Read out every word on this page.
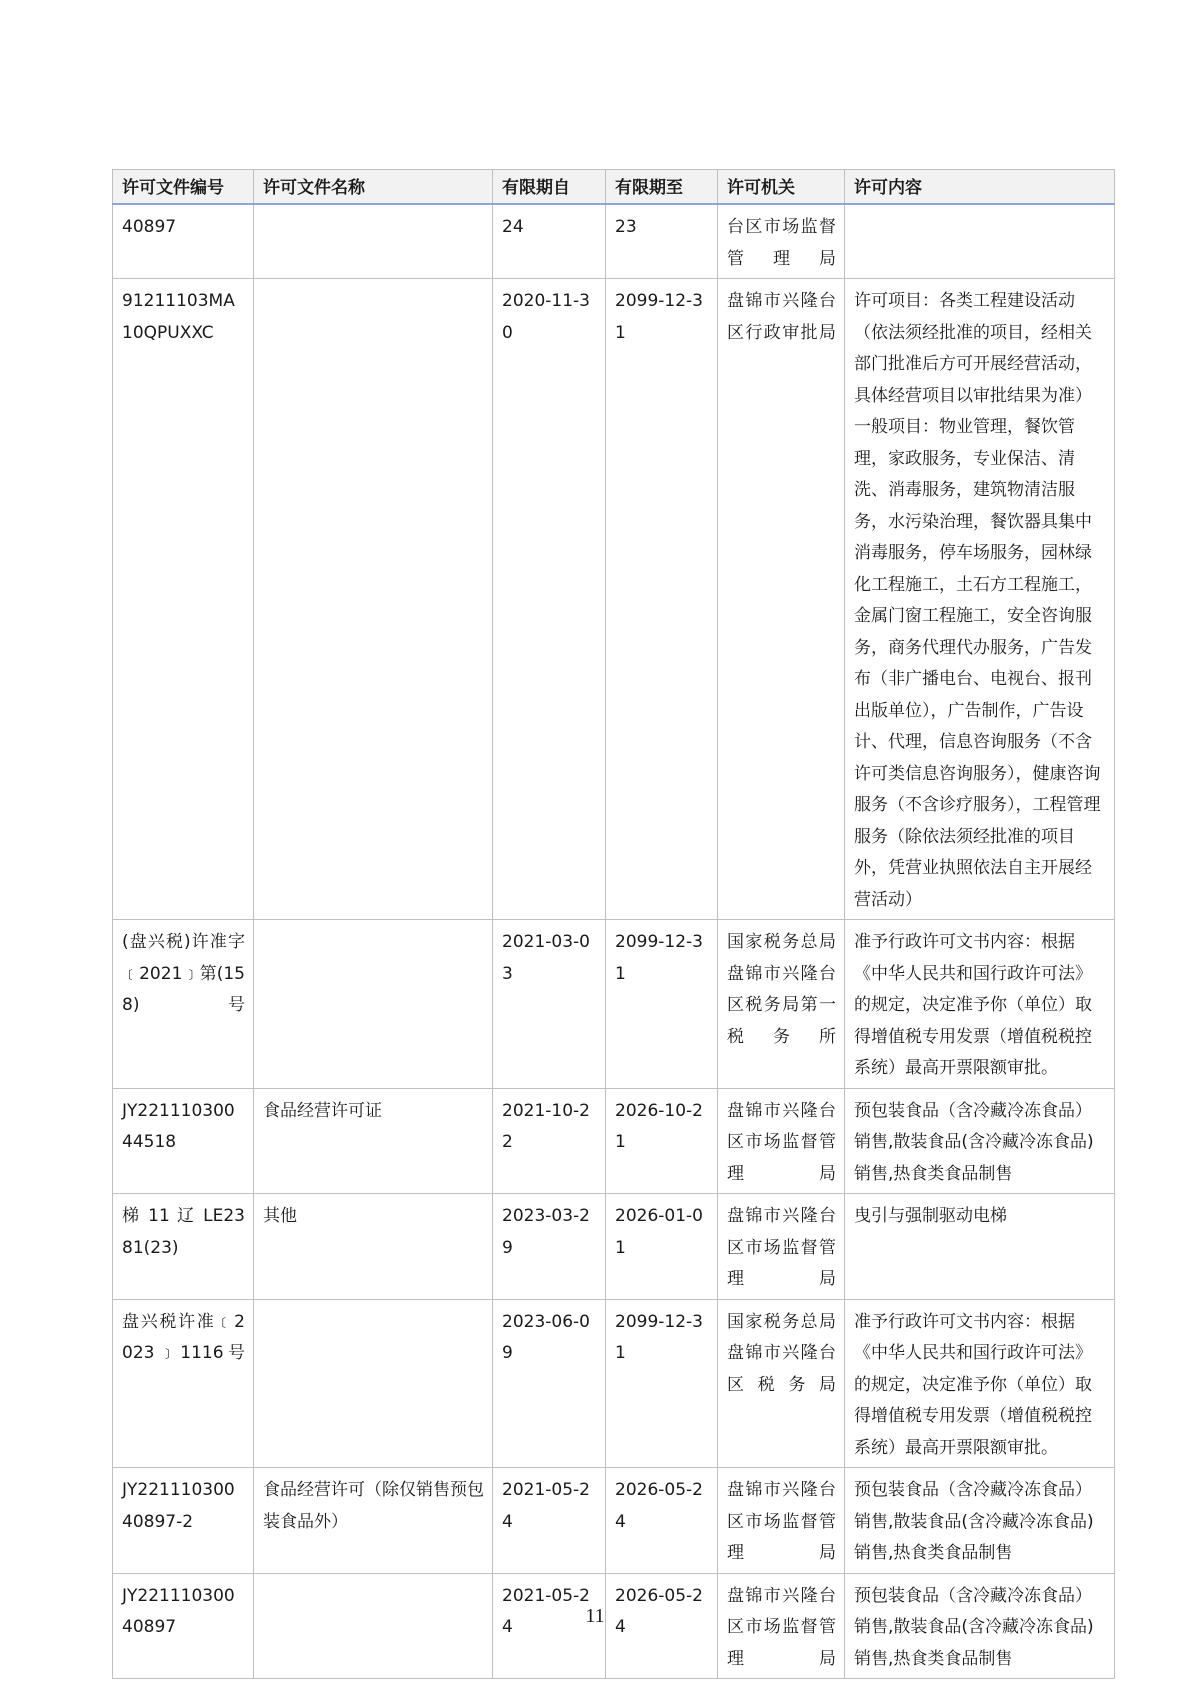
许可文件编号	许可文件名称	有限期自	有限期至	许可机关	许可内容
40897		24	23	台区市场监督管理局	
91211103MA10QPUXXC		2020-11-30	2099-12-31	盘锦市兴隆台区行政审批局	许可项目：各类工程建设活动（依法须经批准的项目，经相关部门批准后方可开展经营活动，具体经营项目以审批结果为准）一般项目：物业管理，餐饮管理，家政服务，专业保洁、清洗、消毒服务，建筑物清洁服务，水污染治理，餐饮器具集中消毒服务，停车场服务，园林绿化工程施工，土石方工程施工，金属门窗工程施工，安全咨询服务，商务代理代办服务，广告发布（非广播电台、电视台、报刊出版单位），广告制作，广告设计、代理，信息咨询服务（不含许可类信息咨询服务），健康咨询服务（不含诊疗服务），工程管理服务（除依法须经批准的项目外，凭营业执照依法自主开展经营活动）
(盘兴税)许准字﹝2021﹞第(158)号		2021-03-03	2099-12-31	国家税务总局盘锦市兴隆台区税务局第一税务所	准予行政许可文书内容：根据《中华人民共和国行政许可法》的规定，决定准予你（单位）取得增值税专用发票（增值税税控系统）最高开票限额审批。
JY22111030044518	食品经营许可证	2021-10-22	2026-10-21	盘锦市兴隆台区市场监督管理局	预包装食品（含冷藏冷冻食品）销售,散装食品(含冷藏冷冻食品)销售,热食类食品制售
梯 11 辽 LE2381(23)	其他	2023-03-29	2026-01-01	盘锦市兴隆台区市场监督管理局	曳引与强制驱动电梯
盘兴税许准﹝2023﹞1116号		2023-06-09	2099-12-31	国家税务总局盘锦市兴隆台区税务局	准予行政许可文书内容：根据《中华人民共和国行政许可法》的规定，决定准予你（单位）取得增值税专用发票（增值税税控系统）最高开票限额审批。
JY22111030040897-2	食品经营许可（除仅销售预包装食品外）	2021-05-24	2026-05-24	盘锦市兴隆台区市场监督管理局	预包装食品（含冷藏冷冻食品）销售,散装食品(含冷藏冷冻食品)销售,热食类食品制售
JY22111030040897		2021-05-24	2026-05-24	盘锦市兴隆台区市场监督管理局	预包装食品（含冷藏冷冻食品）销售,散装食品(含冷藏冷冻食品)销售,热食类食品制售
11
